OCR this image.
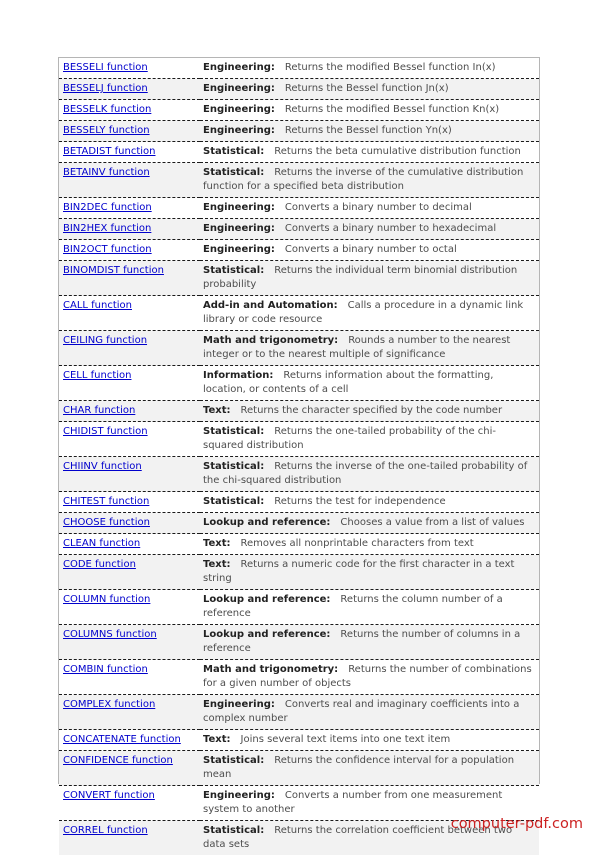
BESSELI function	Engineering: Returns the modified Bessel function In(x)
BESSELJ function	Engineering: Returns the Bessel function Jn(x)
BESSELK function	Engineering: Returns the modified Bessel function Kn(x)
BESSELY function	Engineering: Returns the Bessel function Yn(x)
BETADIST function	Statistical: Returns the beta cumulative distribution function
BETAINV function	Statistical: Returns the inverse of the cumulative distribution function for a specified beta distribution
BIN2DEC function	Engineering: Converts a binary number to decimal
BIN2HEX function	Engineering: Converts a binary number to hexadecimal
BIN2OCT function	Engineering: Converts a binary number to octal
BINOMDIST function	Statistical: Returns the individual term binomial distribution probability
CALL function	Add-in and Automation: Calls a procedure in a dynamic link library or code resource
CEILING function	Math and trigonometry: Rounds a number to the nearest integer or to the nearest multiple of significance
CELL function	Information: Returns information about the formatting, location, or contents of a cell
CHAR function	Text: Returns the character specified by the code number
CHIDIST function	Statistical: Returns the one-tailed probability of the chi-squared distribution
CHIINV function	Statistical: Returns the inverse of the one-tailed probability of the chi-squared distribution
CHITEST function	Statistical: Returns the test for independence
CHOOSE function	Lookup and reference: Chooses a value from a list of values
CLEAN function	Text: Removes all nonprintable characters from text
CODE function	Text: Returns a numeric code for the first character in a text string
COLUMN function	Lookup and reference: Returns the column number of a reference
COLUMNS function	Lookup and reference: Returns the number of columns in a reference
COMBIN function	Math and trigonometry: Returns the number of combinations for a given number of objects
COMPLEX function	Engineering: Converts real and imaginary coefficients into a complex number
CONCATENATE function	Text: Joins several text items into one text item
CONFIDENCE function	Statistical: Returns the confidence interval for a population mean
CONVERT function	Engineering: Converts a number from one measurement system to another
CORREL function	Statistical: Returns the correlation coefficient between two data sets
computer-pdf.com
